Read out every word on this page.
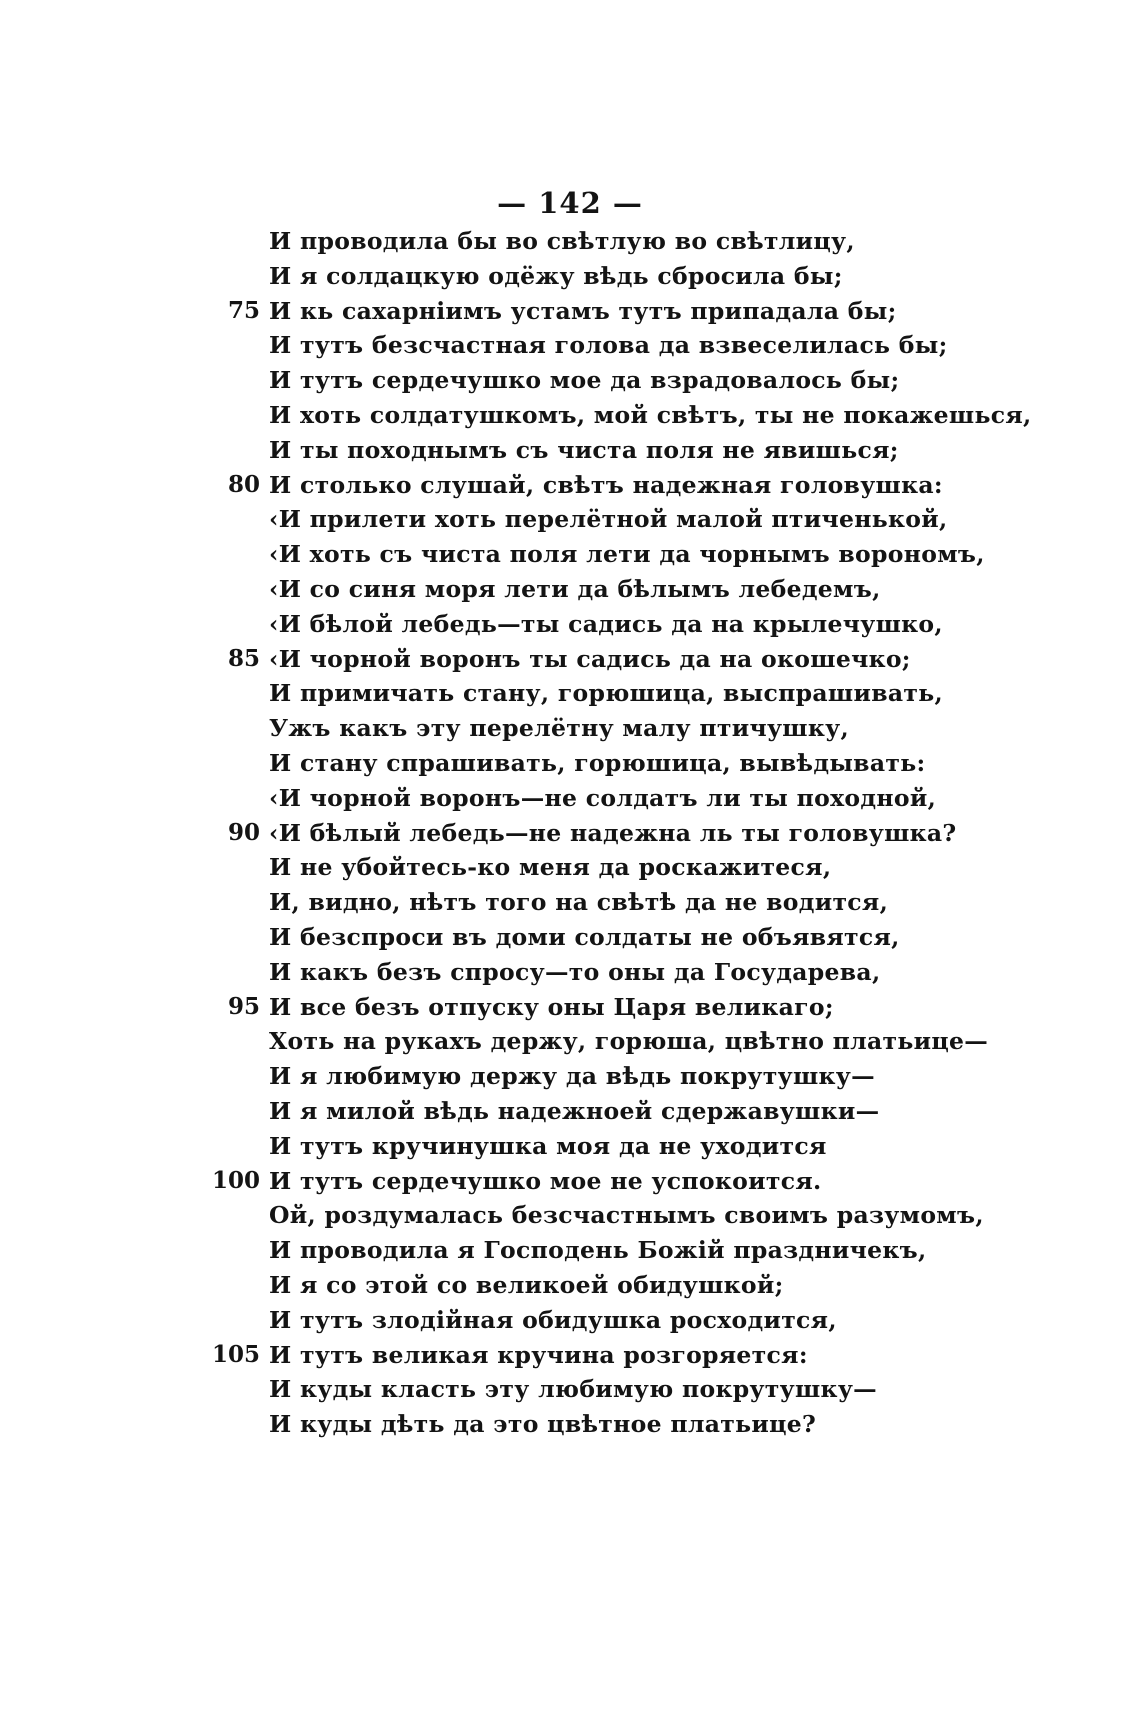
— 142 —
И проводила бы во свѣтлую во свѣтлицу,
И я солдацкую одёжу вѣдь сбросила бы;
75 И кь сахарніимъ устамъ тутъ припадала бы;
И тутъ безсчастная голова да взвеселилась бы;
И тутъ сердечушко мое да взрадовалось бы;
И хоть солдатушкомъ, мой свѣтъ, ты не покажешься,
И ты походнымъ съ чиста поля не явишься;
80 И столько слушай, свѣтъ надежная головушка:
‹И прилети хоть перелётной малой птиченькой,
‹И хоть съ чиста поля лети да чорнымъ ворономъ,
‹И со синя моря лети да бѣлымъ лебедемъ,
‹И бѣлой лебедь—ты садись да на крылечушко,
85 ‹И чорной воронъ ты садись да на окошечко;
И примичать стану, горюшица, выспрашивать,
Ужъ какъ эту перелётну малу птичушку,
И стану спрашивать, горюшица, вывѣдывать:
‹И чорной воронъ—не солдатъ ли ты походной,
90 ‹И бѣлый лебедь—не надежна ль ты головушка?
И не убойтесь-ко меня да роскажитеся,
И, видно, нѣтъ того на свѣтѣ да не водится,
И безспроси въ доми солдаты не объявятся,
И какъ безъ спросу—то оны да Государева,
95 И все безъ отпуску оны Царя великаго;
Хоть на рукахъ держу, горюша, цвѣтно платьице—
И я любимую держу да вѣдь покрутушку—
И я милой вѣдь надежноей сдержавушки—
И тутъ кручинушка моя да не уходится
100 И тутъ сердечушко мое не успокоится.
Ой, роздумалась безсчастнымъ своимъ разумомъ,
И проводила я Господень Божій праздничекъ,
И я со этой со великоей обидушкой;
И тутъ злодійная обидушка росходится,
105 И тутъ великая кручина розгоряется:
И куды класть эту любимую покрутушку—
И куды дѣть да это цвѣтное платьице?
